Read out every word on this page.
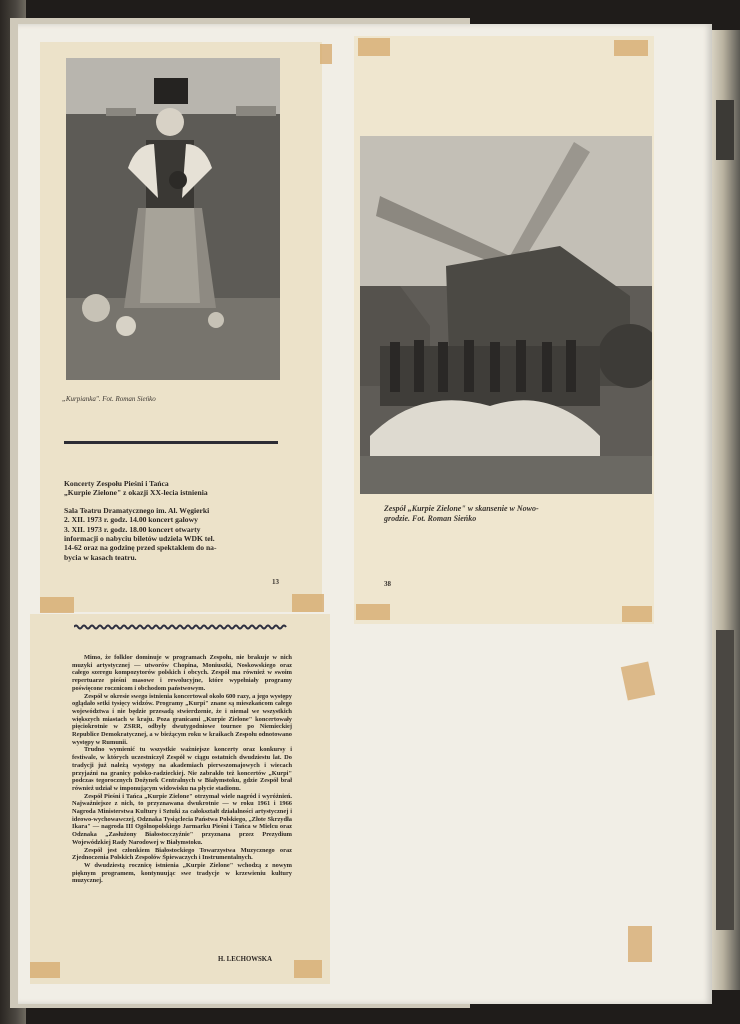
„Kurpianka". Fot. Roman Sieńko

Koncerty Zespołu Pieśni i Tańca
„Kurpie Zielone" z okazji XX-lecia istnienia

Sala Teatru Dramatycznego im. Al. Węgierki
2. XII. 1973 r. godz. 14.00 koncert galowy
3. XII. 1973 r. godz. 18.00 koncert otwarty
informacji o nabyciu biletów udziela WDK tel.
14-62 oraz na godzinę przed spektaklem do na-
bycia w kasach teatru.

13
Zespół „Kurpie Zielone" w skansenie w Nowo-
grodzie. Fot. Roman Sieńko
38

Mimo, że folklor dominuje w programach Zespołu, nie brakuje w nich muzyki artystycznej — utworów Chopina, Moniuszki, Noskowskiego oraz całego szeregu kompozytorów polskich i obcych. Zespół ma również w swoim repertuarze pieśni masowe i rewolucyjne, które wypełniały programy poświęcone rocznicom i obchodom państwowym.

Zespół w okresie swego istnienia koncertował około 600 razy, a jego występy oglądało setki tysięcy widzów. Programy „Kurpi" znane są mieszkańcom całego województwa i nie będzie przesadą stwierdzenie, że i niemal we wszystkich większych miastach w kraju. Poza granicami „Kurpie Zielone" koncertowały pięciokrotnie w ZSRR, odbyły dwutygodniowe tournee po Niemieckiej Republice Demokratycznej, a w bieżącym roku w kraikach Zespołu odnotowano występy w Rumunii.

Trudno wymienić tu wszystkie ważniejsze koncerty oraz konkursy i festiwale, w których uczestniczył Zespół w ciągu ostatnich dwudziestu lat. Do tradycji już należą występy na akademiach pierwszomajowych i wiecach przyjaźni na granicy polsko-radzieckiej. Nie zabrakło też koncertów „Kurpi" podczas tegorocznych Dożynek Centralnych w Białymstoku, gdzie Zespół brał również udział w imponującym widowisku na płycie stadionu.

Zespół Pieśni i Tańca „Kurpie Zielone" otrzymał wiele nagród i wyróżnień. Najważniejsze z nich, to przyznawana dwukrotnie — w roku 1961 i 1966 Nagroda Ministerstwa Kultury i Sztuki za całokształt działalności artystycznej i ideowo-wychowawczej, Odznaka Tysiąclecia Państwa Polskiego, „Złote Skrzydła Ikara" — nagroda III Ogólnopolskiego Jarmarku Pieśni i Tańca w Mielcu oraz Odznaka „Zasłużony Białostocczyźnie" przyznana przez Prezydium Wojewódzkiej Rady Narodowej w Białymstoku.

Zespół jest członkiem Białostockiego Towarzystwa Muzycznego oraz Zjednoczenia Polskich Zespołów Śpiewaczych i Instrumentalnych.

W dwudziestą rocznicę istnienia „Kurpie Zielone" wchodzą z nowym pięknym programem, kontynuując swe tradycje w krzewieniu kultury muzycznej.

H. LECHOWSKA
